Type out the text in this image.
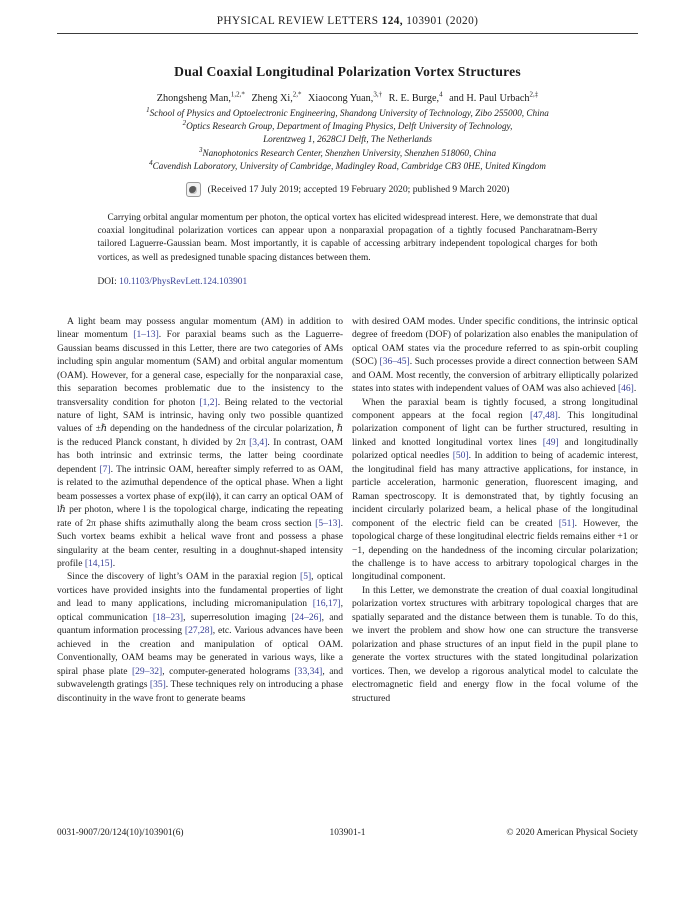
PHYSICAL REVIEW LETTERS 124, 103901 (2020)
Dual Coaxial Longitudinal Polarization Vortex Structures
Zhongsheng Man,$^{1,2,*}$ Zheng Xi,$^{2,*}$ Xiaocong Yuan,$^{3,\dagger}$ R. E. Burge,$^4$ and H. Paul Urbach$^{2,\ddagger}$
$^1$School of Physics and Optoelectronic Engineering, Shandong University of Technology, Zibo 255000, China
$^2$Optics Research Group, Department of Imaging Physics, Delft University of Technology,
Lorentzweg 1, 2628CJ Delft, The Netherlands
$^3$Nanophotonics Research Center, Shenzhen University, Shenzhen 518060, China
$^4$Cavendish Laboratory, University of Cambridge, Madingley Road, Cambridge CB3 0HE, United Kingdom
(Received 17 July 2019; accepted 19 February 2020; published 9 March 2020)
Carrying orbital angular momentum per photon, the optical vortex has elicited widespread interest. Here, we demonstrate that dual coaxial longitudinal polarization vortices can appear upon a nonparaxial propagation of a tightly focused Pancharatnam-Berry tailored Laguerre-Gaussian beam. Most importantly, it is capable of accessing arbitrary independent topological charges for both vortices, as well as predesigned tunable spacing distances between them.
DOI: 10.1103/PhysRevLett.124.103901

A light beam may possess angular momentum (AM) in addition to linear momentum [1–13]. For paraxial beams such as the Laguerre-Gaussian beams discussed in this Letter, there are two categories of AMs including spin angular momentum (SAM) and orbital angular momentum (OAM). However, for a general case, especially for the nonparaxial case, this separation becomes problematic due to the insistency to the transversality condition for photon [1,2]. Being related to the vectorial nature of light, SAM is intrinsic, having only two possible quantized values of ±ℏ depending on the handedness of the circular polarization, ℏ is the reduced Planck constant, h divided by 2π [3,4]. In contrast, OAM has both intrinsic and extrinsic terms, the latter being coordinate dependent [7]. The intrinsic OAM, hereafter simply referred to as OAM, is related to the azimuthal dependence of the optical phase. When a light beam possesses a vortex phase of exp(ilϕ), it can carry an optical OAM of lℏ per photon, where l is the topological charge, indicating the repeating rate of 2π phase shifts azimuthally along the beam cross section [5–13]. Such vortex beams exhibit a helical wave front and possess a phase singularity at the beam center, resulting in a doughnut-shaped intensity profile [14,15].

Since the discovery of light’s OAM in the paraxial region [5], optical vortices have provided insights into the fundamental properties of light and lead to many applications, including micromanipulation [16,17], optical communication [18–23], superresolution imaging [24–26], and quantum information processing [27,28], etc. Various advances have been achieved in the creation and manipulation of optical OAM. Conventionally, OAM beams may be generated in various ways, like a spiral phase plate [29–32], computer-generated holograms [33,34], and subwavelength gratings [35]. These techniques rely on introducing a phase discontinuity in the wave front to generate beams

with desired OAM modes. Under specific conditions, the intrinsic optical degree of freedom (DOF) of polarization also enables the manipulation of optical OAM states via the procedure referred to as spin-orbit coupling (SOC) [36–45]. Such processes provide a direct connection between SAM and OAM. Most recently, the conversion of arbitrary elliptically polarized states into states with independent values of OAM was also achieved [46].

When the paraxial beam is tightly focused, a strong longitudinal component appears at the focal region [47,48]. This longitudinal polarization component of light can be further structured, resulting in linked and knotted longitudinal vortex lines [49] and longitudinally polarized optical needles [50]. In addition to being of academic interest, the longitudinal field has many attractive applications, for instance, in particle acceleration, harmonic generation, fluorescent imaging, and Raman spectroscopy. It is demonstrated that, by tightly focusing an incident circularly polarized beam, a helical phase of the longitudinal component of the electric field can be created [51]. However, the topological charge of these longitudinal electric fields remains either +1 or −1, depending on the handedness of the incoming circular polarization; the challenge is to have access to arbitrary topological charges in the longitudinal component.

In this Letter, we demonstrate the creation of dual coaxial longitudinal polarization vortex structures with arbitrary topological charges that are spatially separated and the distance between them is tunable. To do this, we invert the problem and show how one can structure the transverse polarization and phase structures of an input field in the pupil plane to generate the vortex structures with the stated longitudinal polarization vortices. Then, we develop a rigorous analytical model to calculate the electromagnetic field and energy flow in the focal volume of the structured

0031-9007/20/124(10)/103901(6)	103901-1	© 2020 American Physical Society
